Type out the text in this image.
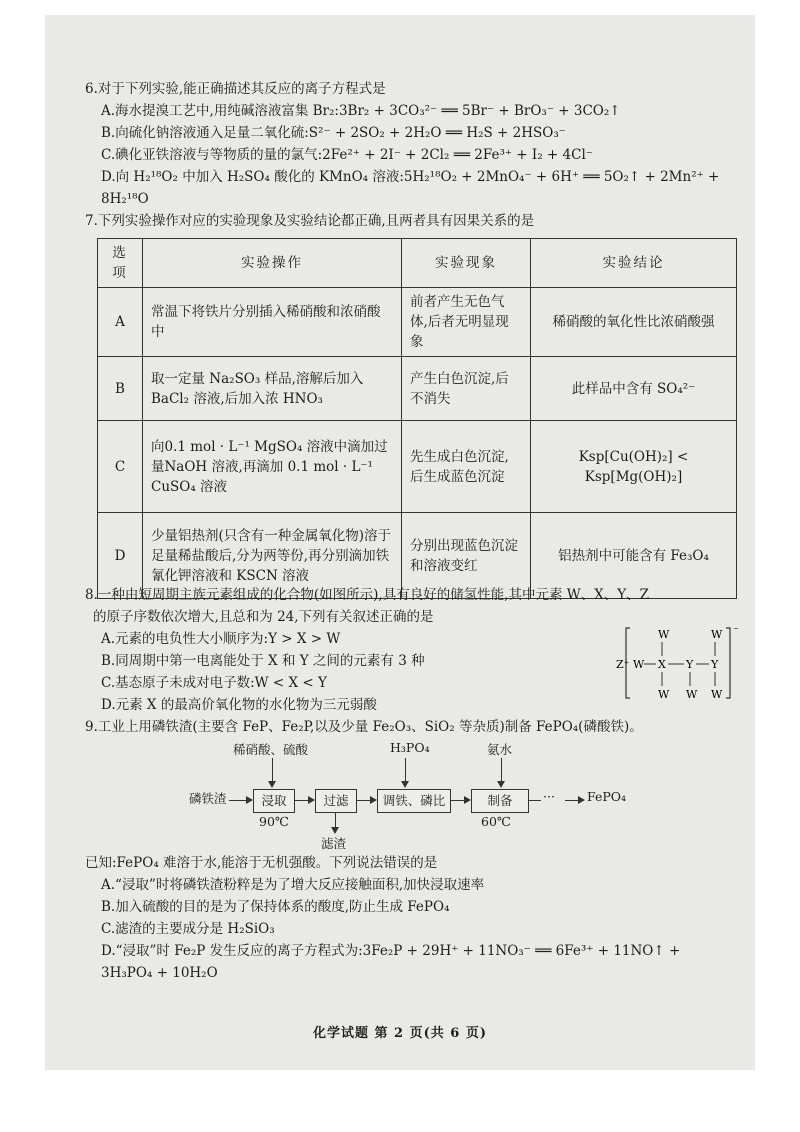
6.对于下列实验,能正确描述其反应的离子方程式是
A.海水提溴工艺中,用纯碱溶液富集 Br₂:3Br₂ + 3CO₃²⁻ ══ 5Br⁻ + BrO₃⁻ + 3CO₂↑
B.向硫化钠溶液通入足量二氧化硫:S²⁻ + 2SO₂ + 2H₂O ══ H₂S + 2HSO₃⁻
C.碘化亚铁溶液与等物质的量的氯气:2Fe²⁺ + 2I⁻ + 2Cl₂ ══ 2Fe³⁺ + I₂ + 4Cl⁻
D.向 H₂¹⁸O₂ 中加入 H₂SO₄ 酸化的 KMnO₄ 溶液:5H₂¹⁸O₂ + 2MnO₄⁻ + 6H⁺ ══ 5O₂↑ + 2Mn²⁺ +
8H₂¹⁸O
7.下列实验操作对应的实验现象及实验结论都正确,且两者具有因果关系的是
选项	实验操作	实验现象	实验结论
A	常温下将铁片分别插入稀硝酸和浓硝酸中	前者产生无色气体,后者无明显现象	稀硝酸的氧化性比浓硝酸强
B	取一定量 Na₂SO₃ 样品,溶解后加入 BaCl₂ 溶液,后加入浓 HNO₃	产生白色沉淀,后不消失	此样品中含有 SO₄²⁻
C	向0.1 mol · L⁻¹ MgSO₄ 溶液中滴加过量NaOH 溶液,再滴加 0.1 mol · L⁻¹ CuSO₄ 溶液	先生成白色沉淀,后生成蓝色沉淀	Ksp[Cu(OH)₂] < Ksp[Mg(OH)₂]
D	少量铝热剂(只含有一种金属氧化物)溶于足量稀盐酸后,分为两等份,再分别滴加铁氰化钾溶液和 KSCN 溶液	分别出现蓝色沉淀和溶液变红	铝热剂中可能含有 Fe₃O₄
8.一种由短周期主族元素组成的化合物(如图所示),具有良好的储氢性能,其中元素 W、X、Y、Z
的原子序数依次增大,且总和为 24,下列有关叙述正确的是
A.元素的电负性大小顺序为:Y > X > W
B.同周期中第一电离能处于 X 和 Y 之间的元素有 3 种
C.基态原子未成对电子数:W < X < Y
D.元素 X 的最高价氧化物的水化物为三元弱酸
Z⁺
⁻
W X Y Y
W	W
W W W
9.工业上用磷铁渣(主要含 FeP、Fe₂P,以及少量 Fe₂O₃、SiO₂ 等杂质)制备 FePO₄(磷酸铁)。
稀硝酸、硫酸	H₃PO₄	氨水
磷铁渣	浸取	过滤	调铁、磷比	制备	···	FePO₄
90℃	60℃
滤渣
已知:FePO₄ 难溶于水,能溶于无机强酸。下列说法错误的是
A.“浸取”时将磷铁渣粉粹是为了增大反应接触面积,加快浸取速率
B.加入硫酸的目的是为了保持体系的酸度,防止生成 FePO₄
C.滤渣的主要成分是 H₂SiO₃
D.“浸取”时 Fe₂P 发生反应的离子方程式为:3Fe₂P + 29H⁺ + 11NO₃⁻ ══ 6Fe³⁺ + 11NO↑ +
3H₃PO₄ + 10H₂O
化学试题 第 2 页(共 6 页)
